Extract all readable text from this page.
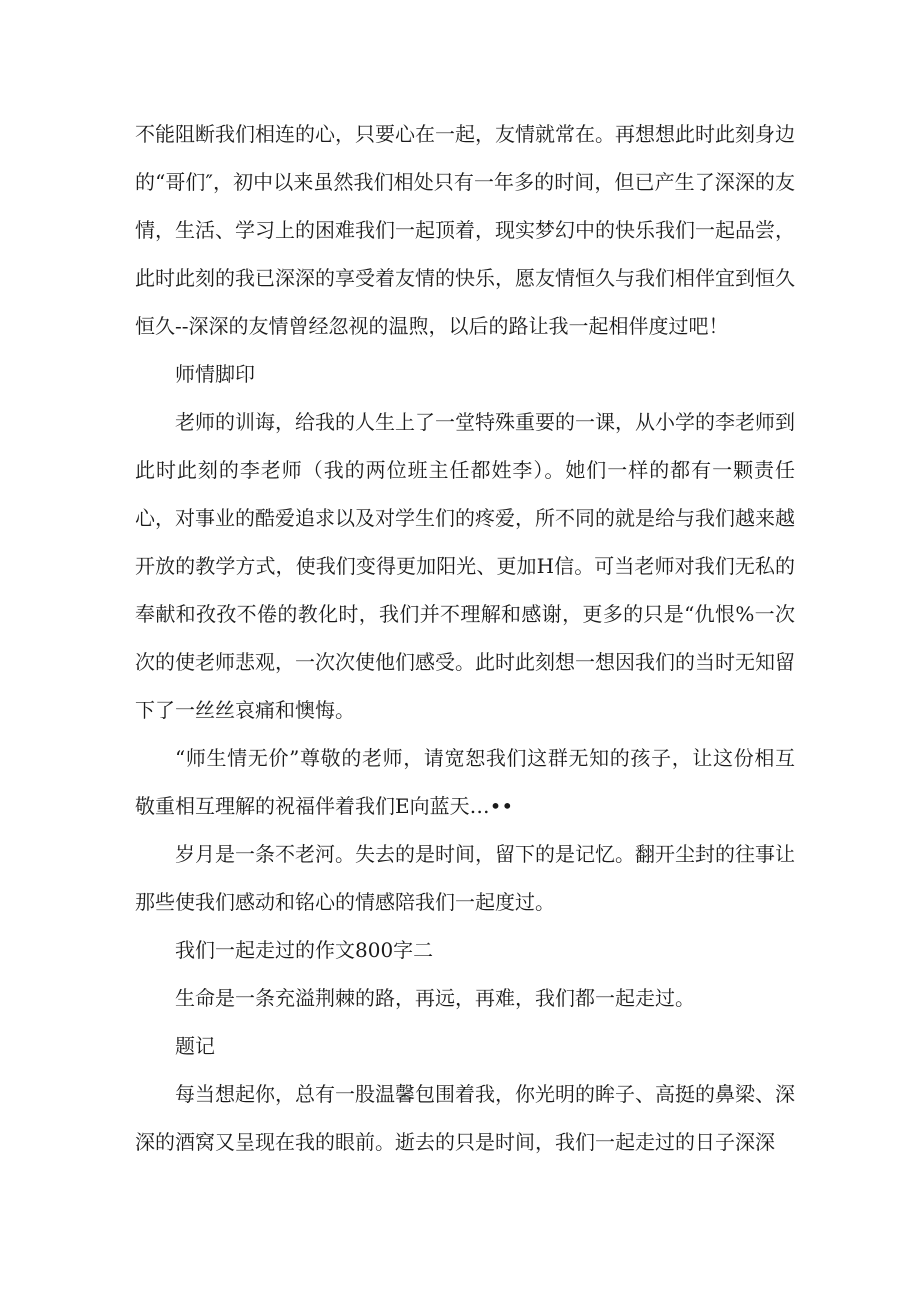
不能阻断我们相连的心，只要心在一起，友情就常在。再想想此时此刻身边的“哥们″，初中以来虽然我们相处只有一年多的时间，但已产生了深深的友情，生活、学习上的困难我们一起顶着，现实梦幻中的快乐我们一起品尝，此时此刻的我已深深的享受着友情的快乐，愿友情恒久与我们相伴宜到恒久恒久--深深的友情曾经忽视的温煦，以后的路让我一起相伴度过吧！

师情脚印

老师的训诲，给我的人生上了一堂特殊重要的一课，从小学的李老师到此时此刻的李老师（我的两位班主任都姓李）。她们一样的都有一颗责任心，对事业的酷爱追求以及对学生们的疼爱，所不同的就是给与我们越来越开放的教学方式，使我们变得更加阳光、更加H信。可当老师对我们无私的奉献和孜孜不倦的教化时，我们并不理解和感谢，更多的只是“仇恨%一次次的使老师悲观，一次次使他们感受。此时此刻想一想因我们的当时无知留下了一丝丝哀痛和懊悔。

“师生情无价”尊敬的老师，请宽恕我们这群无知的孩子，让这份相互敬重相互理解的祝福伴着我们E向蓝天…••

岁月是一条不老河。失去的是时间，留下的是记忆。翻开尘封的往事让那些使我们感动和铭心的情感陪我们一起度过。

我们一起走过的作文800字二

生命是一条充溢荆棘的路，再远，再难，我们都一起走过。

题记

每当想起你，总有一股温馨包围着我，你光明的眸子、高挺的鼻梁、深深的酒窝又呈现在我的眼前。逝去的只是时间，我们一起走过的日子深深
